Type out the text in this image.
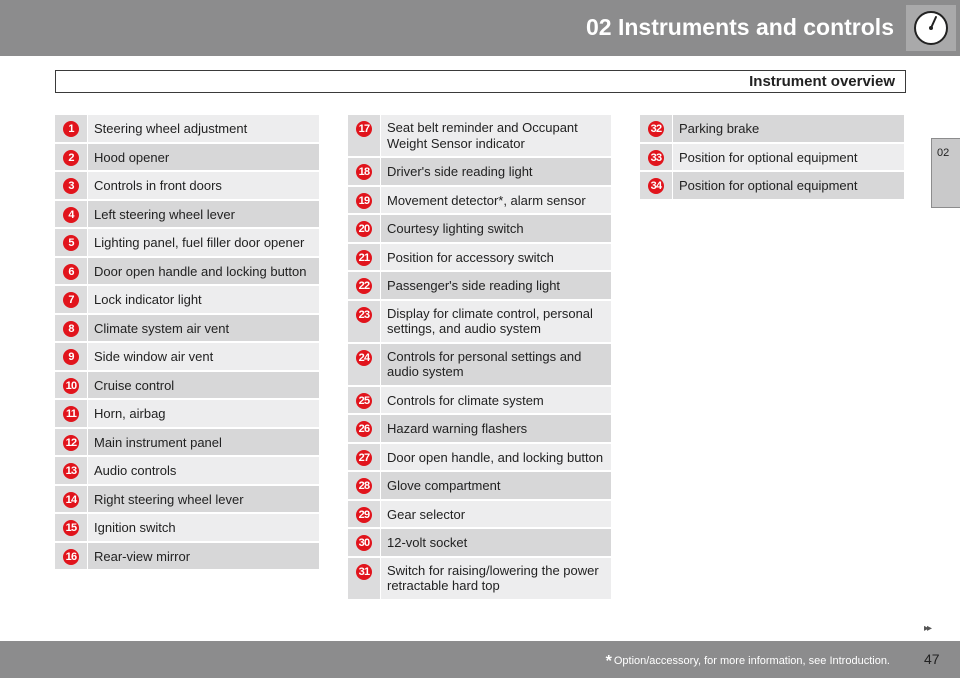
02 Instruments and controls
Instrument overview
02
1	Steering wheel adjustment
2	Hood opener
3	Controls in front doors
4	Left steering wheel lever
5	Lighting panel, fuel filler door opener
6	Door open handle and locking button
7	Lock indicator light
8	Climate system air vent
9	Side window air vent
10	Cruise control
11	Horn, airbag
12	Main instrument panel
13	Audio controls
14	Right steering wheel lever
15	Ignition switch
16	Rear-view mirror
17	Seat belt reminder and Occupant Weight Sensor indicator
18	Driver's side reading light
19	Movement detector*, alarm sensor
20	Courtesy lighting switch
21	Position for accessory switch
22	Passenger's side reading light
23	Display for climate control, personal settings, and audio system
24	Controls for personal settings and audio system
25	Controls for climate system
26	Hazard warning flashers
27	Door open handle, and locking button
28	Glove compartment
29	Gear selector
30	12-volt socket
31	Switch for raising/lowering the power retractable hard top
32	Parking brake
33	Position for optional equipment
34	Position for optional equipment
▸▸
* Option/accessory, for more information, see Introduction. 47
